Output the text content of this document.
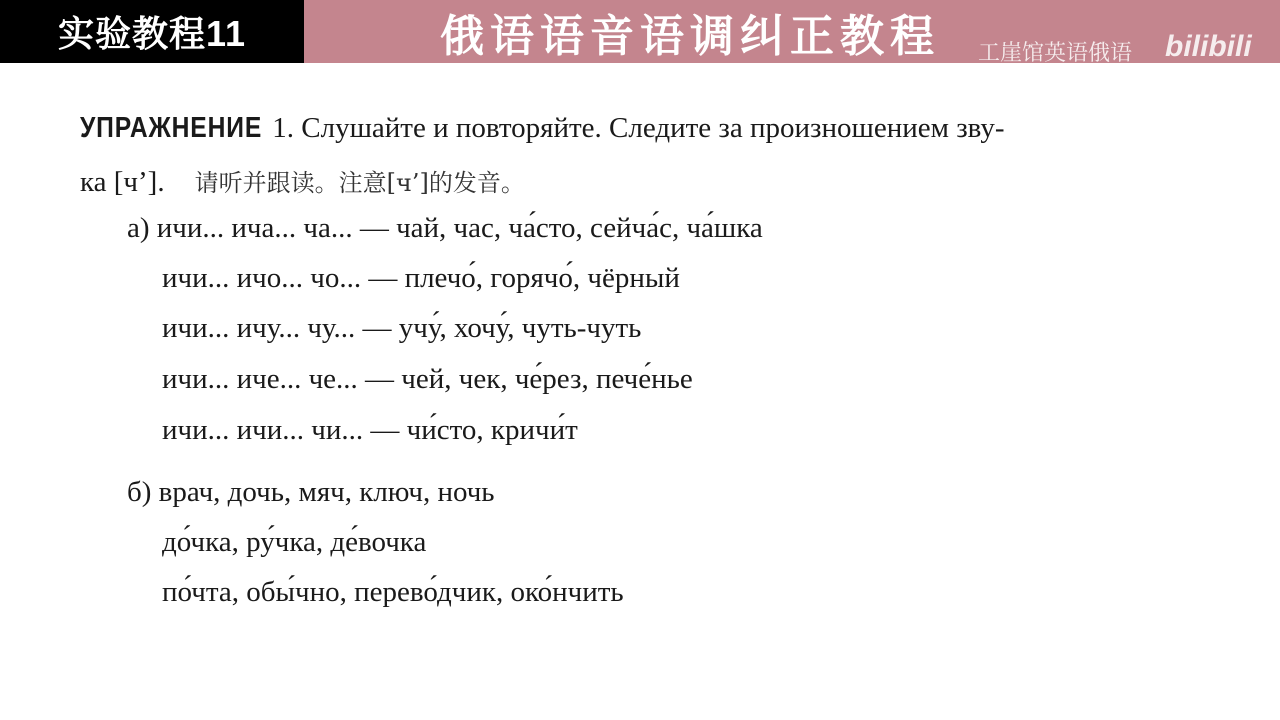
实验教程11	俄语语音语调纠正教程 工崖馆英语俄语 bilibili
УПРАЖНЕНИЕ 1. Слушайте и повторяйте. Следите за произношением зву-
ка [ч’]. 请听并跟读。注意[ч’]的发音。
а) ичи... ича... ча... — чай, час, ча́сто, сейча́с, ча́шка
ичи... ичо... чо... — плечо́, горячо́, чёрный
ичи... ичу... чу... — учу́, хочу́, чуть-чуть
ичи... иче... че... — чей, чек, че́рез, пече́нье
ичи... ичи... чи... — чи́сто, кричи́т
б) врач, дочь, мяч, ключ, ночь
до́чка, ру́чка, де́вочка
по́чта, обы́чно, перево́дчик, око́нчить
